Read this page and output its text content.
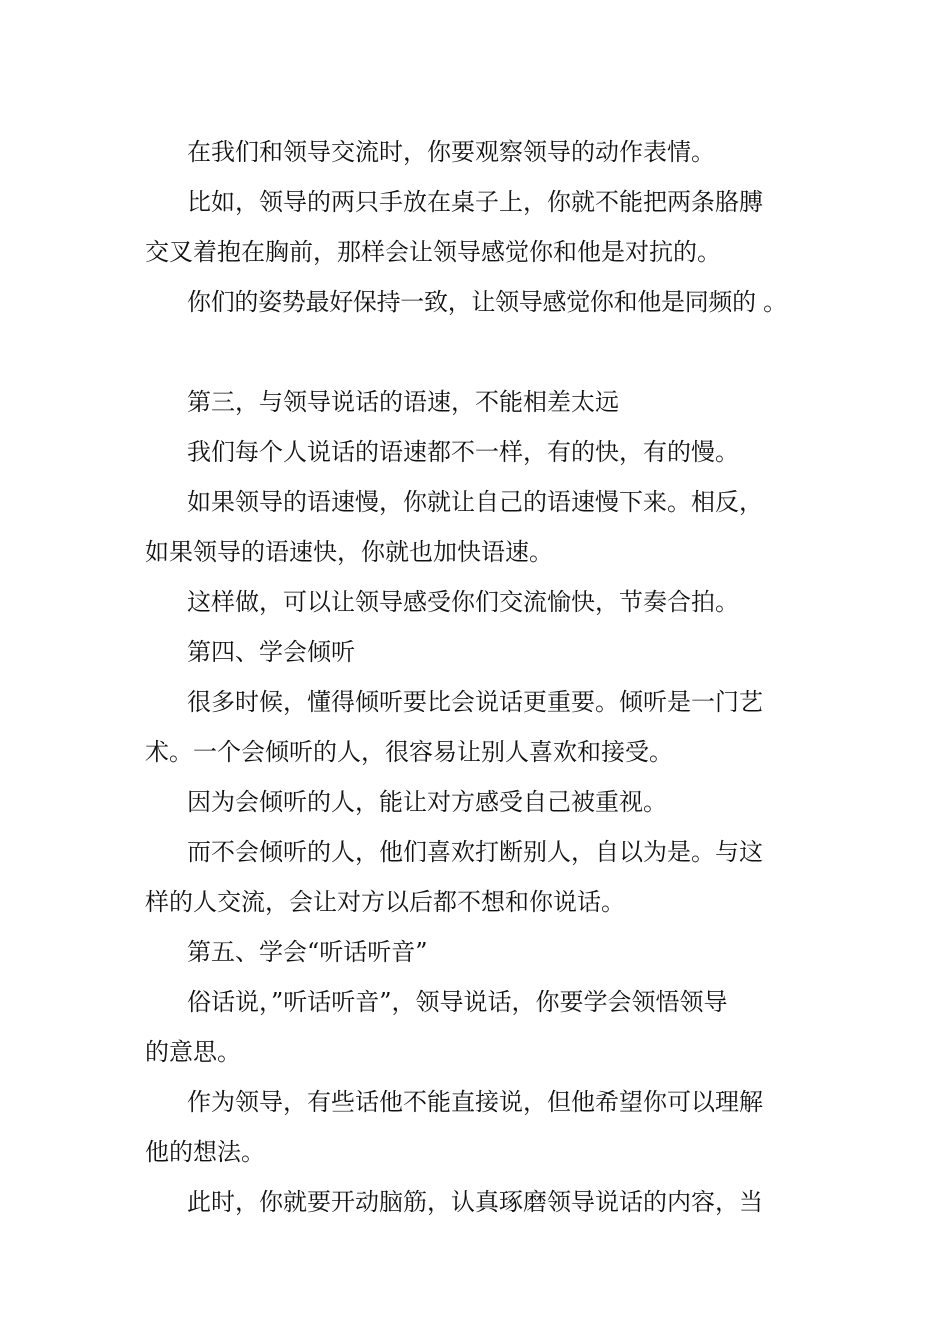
在我们和领导交流时，你要观察领导的动作表情。
比如，领导的两只手放在桌子上，你就不能把两条胳膊
交叉着抱在胸前，那样会让领导感觉你和他是对抗的。
你们的姿势最好保持一致，让领导感觉你和他是同频的 。
第三，与领导说话的语速，不能相差太远
我们每个人说话的语速都不一样，有的快，有的慢。
如果领导的语速慢，你就让自己的语速慢下来。相反，
如果领导的语速快，你就也加快语速。
这样做，可以让领导感受你们交流愉快，节奏合拍。
第四、学会倾听
很多时候，懂得倾听要比会说话更重要。倾听是一门艺
术。一个会倾听的人，很容易让别人喜欢和接受。
因为会倾听的人，能让对方感受自己被重视。
而不会倾听的人，他们喜欢打断别人，自以为是。与这
样的人交流，会让对方以后都不想和你说话。
第五、学会“听话听音”
俗话说，”听话听音”，领导说话，你要学会领悟领导
的意思。
作为领导，有些话他不能直接说，但他希望你可以理解
他的想法。
此时，你就要开动脑筋，认真琢磨领导说话的内容，当
